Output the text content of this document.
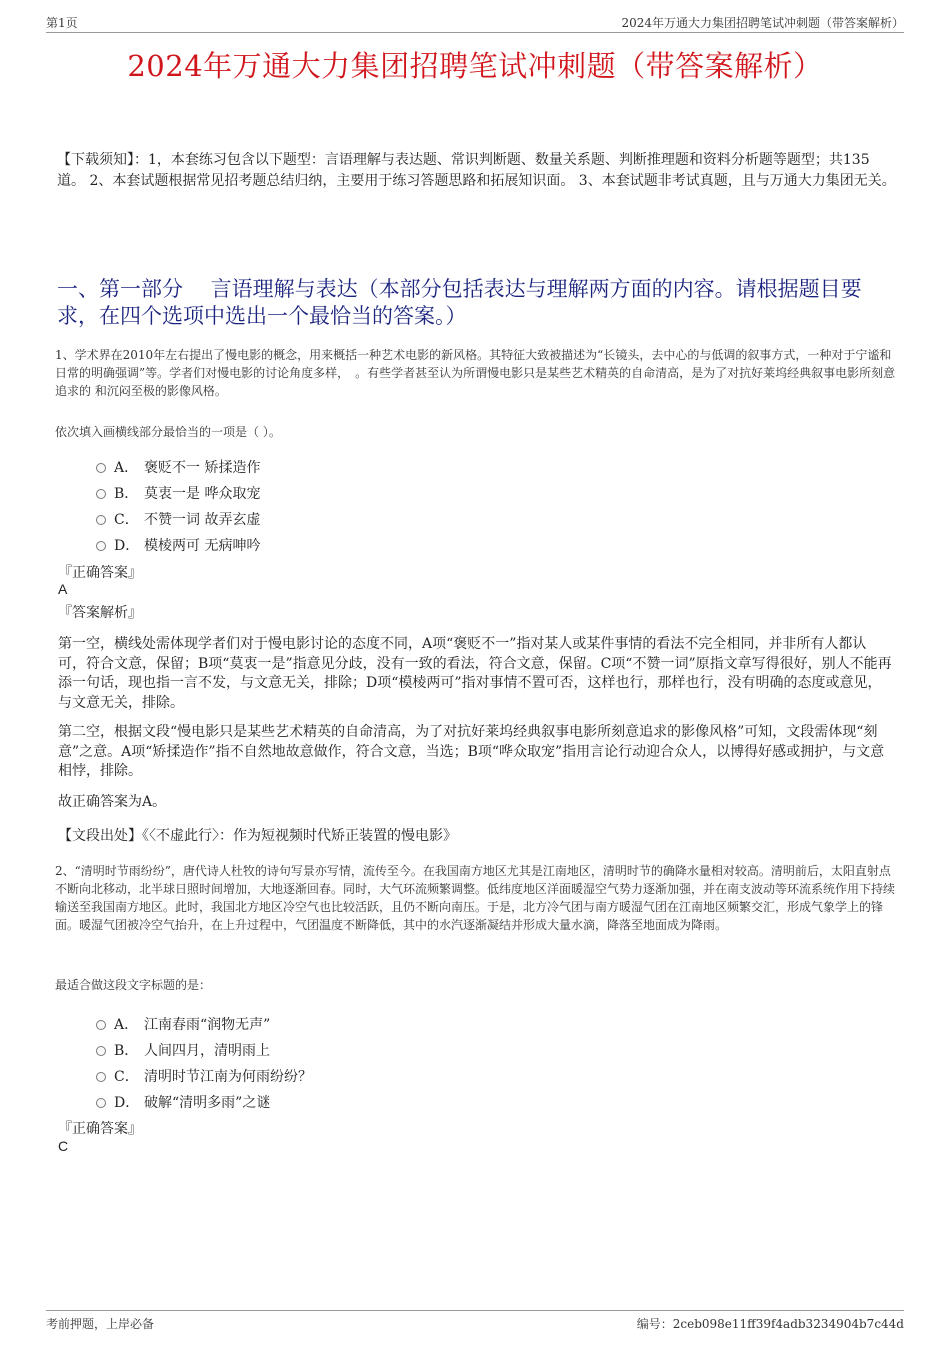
第1页	2024年万通大力集团招聘笔试冲刺题（带答案解析）
2024年万通大力集团招聘笔试冲刺题（带答案解析）
【下载须知】：1，本套练习包含以下题型：言语理解与表达题、常识判断题、数量关系题、判断推理题和资料分析题等题型；共135道。 2、本套试题根据常见招考题总结归纳，主要用于练习答题思路和拓展知识面。 3、本套试题非考试真题，且与万通大力集团无关。
一、第一部分　 言语理解与表达（本部分包括表达与理解两方面的内容。请根据题目要求，在四个选项中选出一个最恰当的答案。）
1、学术界在2010年左右提出了慢电影的概念，用来概括一种艺术电影的新风格。其特征大致被描述为“长镜头，去中心的与低调的叙事方式，一种对于宁谧和日常的明确强调”等。学者们对慢电影的讨论角度多样，　。有些学者甚至认为所谓慢电影只是某些艺术精英的自命清高，是为了对抗好莱坞经典叙事电影所刻意追求的 和沉闷至极的影像风格。
依次填入画横线部分最恰当的一项是（ ）。
A． 褒贬不一 矫揉造作
B． 莫衷一是 哗众取宠
C． 不赞一词 故弄玄虚
D． 模棱两可 无病呻吟
『正确答案』
A
『答案解析』
第一空，横线处需体现学者们对于慢电影讨论的态度不同，A项“褒贬不一”指对某人或某件事情的看法不完全相同，并非所有人都认可，符合文意，保留；B项“莫衷一是”指意见分歧，没有一致的看法，符合文意，保留。C项“不赞一词”原指文章写得很好，别人不能再添一句话，现也指一言不发，与文意无关，排除；D项“模棱两可”指对事情不置可否，这样也行，那样也行，没有明确的态度或意见，与文意无关，排除。
第二空，根据文段“慢电影只是某些艺术精英的自命清高，为了对抗好莱坞经典叙事电影所刻意追求的影像风格”可知，文段需体现“刻意”之意。A项“矫揉造作”指不自然地故意做作，符合文意，当选；B项“哗众取宠”指用言论行动迎合众人，以博得好感或拥护，与文意相悖，排除。
故正确答案为A。
【文段出处】《〈不虚此行〉：作为短视频时代矫正装置的慢电影》
2、“清明时节雨纷纷”，唐代诗人杜牧的诗句写景亦写情，流传至今。在我国南方地区尤其是江南地区，清明时节的确降水量相对较高。清明前后，太阳直射点不断向北移动，北半球日照时间增加，大地逐渐回春。同时，大气环流频繁调整。低纬度地区洋面暖湿空气势力逐渐加强，并在南支波动等环流系统作用下持续输送至我国南方地区。此时，我国北方地区冷空气也比较活跃，且仍不断向南压。于是，北方冷气团与南方暖湿气团在江南地区频繁交汇，形成气象学上的锋面。暖湿气团被冷空气抬升，在上升过程中，气团温度不断降低，其中的水汽逐渐凝结并形成大量水滴，降落至地面成为降雨。
最适合做这段文字标题的是：
A． 江南春雨“润物无声”
B． 人间四月，清明雨上
C． 清明时节江南为何雨纷纷？
D． 破解“清明多雨”之谜
『正确答案』
C
考前押题，上岸必备	编号：2ceb098e11ff39f4adb3234904b7c44d
